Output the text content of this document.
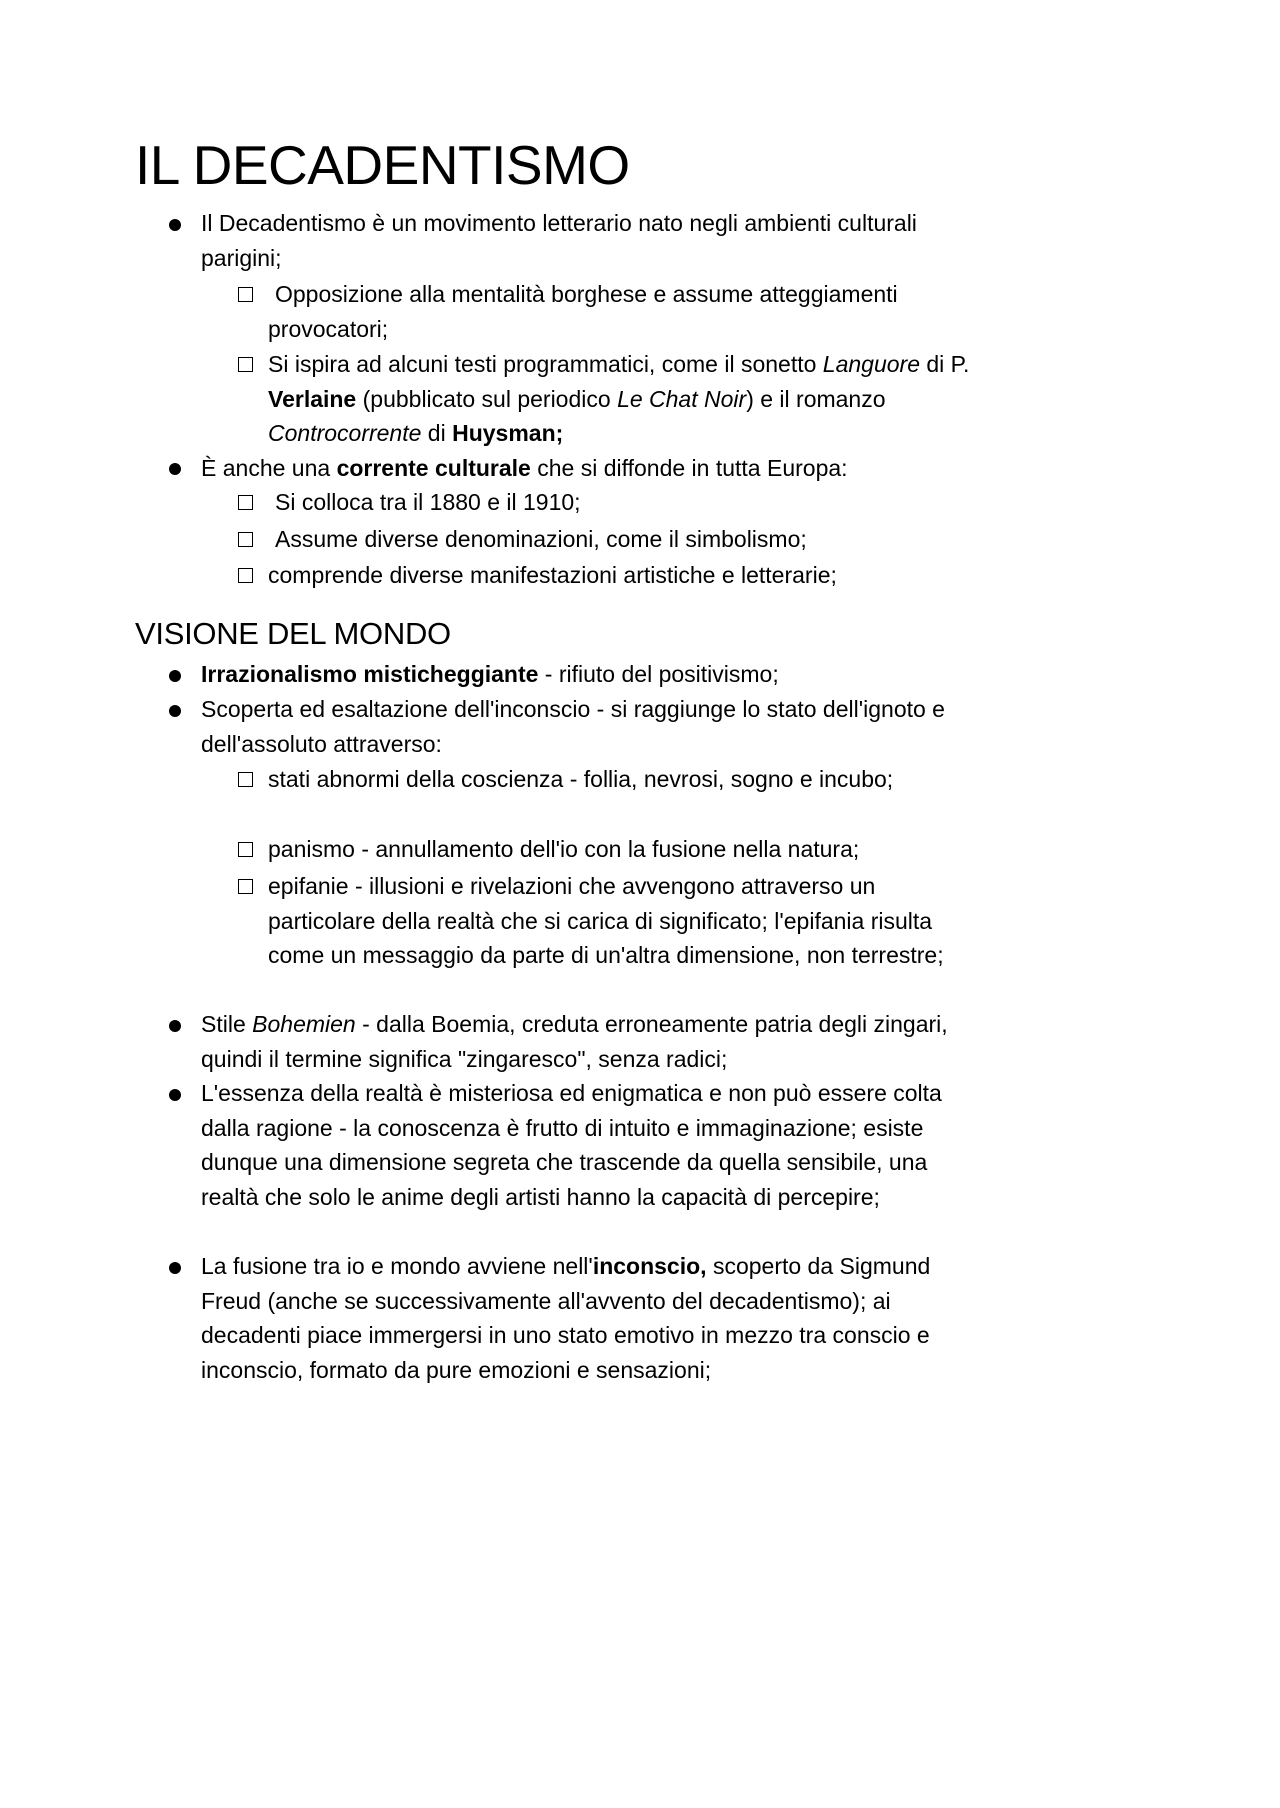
IL DECADENTISMO
Il Decadentismo è un movimento letterario nato negli ambienti culturali parigini;
Opposizione alla mentalità borghese e assume atteggiamenti provocatori;
Si ispira ad alcuni testi programmatici, come il sonetto Languore di P. Verlaine (pubblicato sul periodico Le Chat Noir) e il romanzo Controcorrente di Huysman;
È anche una corrente culturale che si diffonde in tutta Europa:
Si colloca tra il 1880 e il 1910;
Assume diverse denominazioni, come il simbolismo;
comprende diverse manifestazioni artistiche e letterarie;
VISIONE DEL MONDO
Irrazionalismo misticheggiante - rifiuto del positivismo;
Scoperta ed esaltazione dell'inconscio - si raggiunge lo stato dell'ignoto e dell'assoluto attraverso:
stati abnormi della coscienza - follia, nevrosi, sogno e incubo;
panismo - annullamento dell'io con la fusione nella natura;
epifanie - illusioni e rivelazioni che avvengono attraverso un particolare della realtà che si carica di significato; l'epifania risulta come un messaggio da parte di un'altra dimensione, non terrestre;
Stile Bohemien - dalla Boemia, creduta erroneamente patria degli zingari, quindi il termine significa "zingaresco", senza radici;
L'essenza della realtà è misteriosa ed enigmatica e non può essere colta dalla ragione - la conoscenza è frutto di intuito e immaginazione; esiste dunque una dimensione segreta che trascende da quella sensibile, una realtà che solo le anime degli artisti hanno la capacità di percepire;
La fusione tra io e mondo avviene nell'inconscio, scoperto da Sigmund Freud (anche se successivamente all'avvento del decadentismo); ai decadenti piace immergersi in uno stato emotivo in mezzo tra conscio e inconscio, formato da pure emozioni e sensazioni;
